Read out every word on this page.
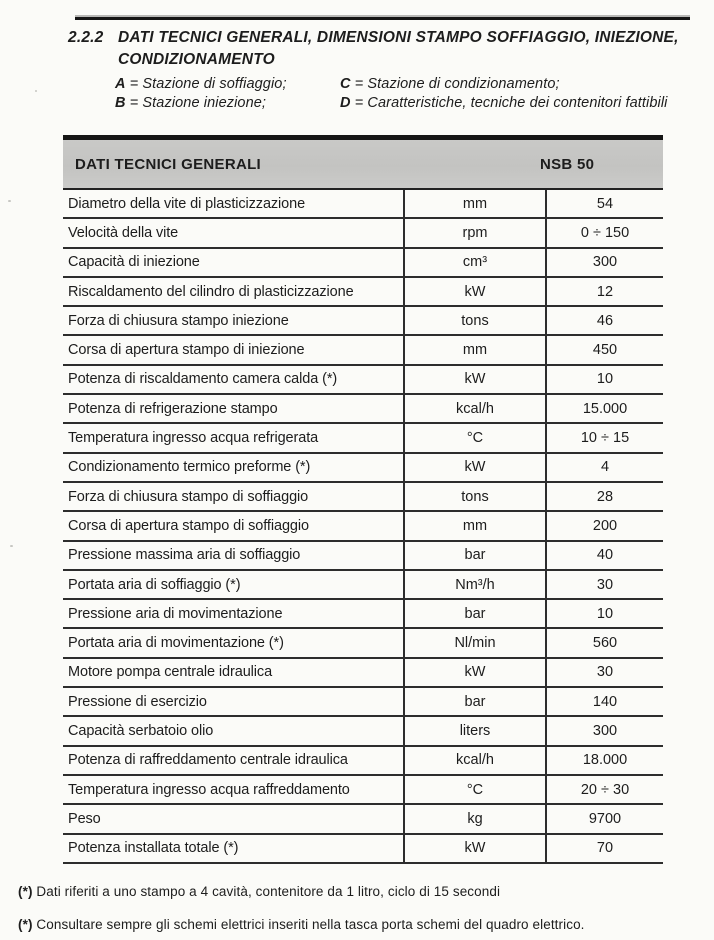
2.2.2 DATI TECNICI GENERALI, DIMENSIONI STAMPO SOFFIAGGIO, INIEZIONE,
CONDIZIONAMENTO
A = Stazione di soffiaggio;	C = Stazione di condizionamento;
B = Stazione iniezione;	D = Caratteristiche, tecniche dei contenitori fattibili
DATI TECNICI GENERALI	NSB 50
Diametro della vite di plasticizzazione	mm	54
Velocità della vite	rpm	0 ÷ 150
Capacità di iniezione	cm³	300
Riscaldamento del cilindro di plasticizzazione	kW	12
Forza di chiusura stampo iniezione	tons	46
Corsa di apertura stampo di iniezione	mm	450
Potenza di riscaldamento camera calda (*)	kW	10
Potenza di refrigerazione stampo	kcal/h	15.000
Temperatura ingresso acqua refrigerata	°C	10 ÷ 15
Condizionamento termico preforme (*)	kW	4
Forza di chiusura stampo di soffiaggio	tons	28
Corsa di apertura stampo di soffiaggio	mm	200
Pressione massima aria di soffiaggio	bar	40
Portata aria di soffiaggio (*)	Nm³/h	30
Pressione aria di movimentazione	bar	10
Portata aria di movimentazione (*)	Nl/min	560
Motore pompa centrale idraulica	kW	30
Pressione di esercizio	bar	140
Capacità serbatoio olio	liters	300
Potenza di raffreddamento centrale idraulica	kcal/h	18.000
Temperatura ingresso acqua raffreddamento	°C	20 ÷ 30
Peso	kg	9700
Potenza installata totale (*)	kW	70
(*) Dati riferiti a uno stampo a 4 cavità, contenitore da 1 litro, ciclo di 15 secondi
(*) Consultare sempre gli schemi elettrici inseriti nella tasca porta schemi del quadro elettrico.
